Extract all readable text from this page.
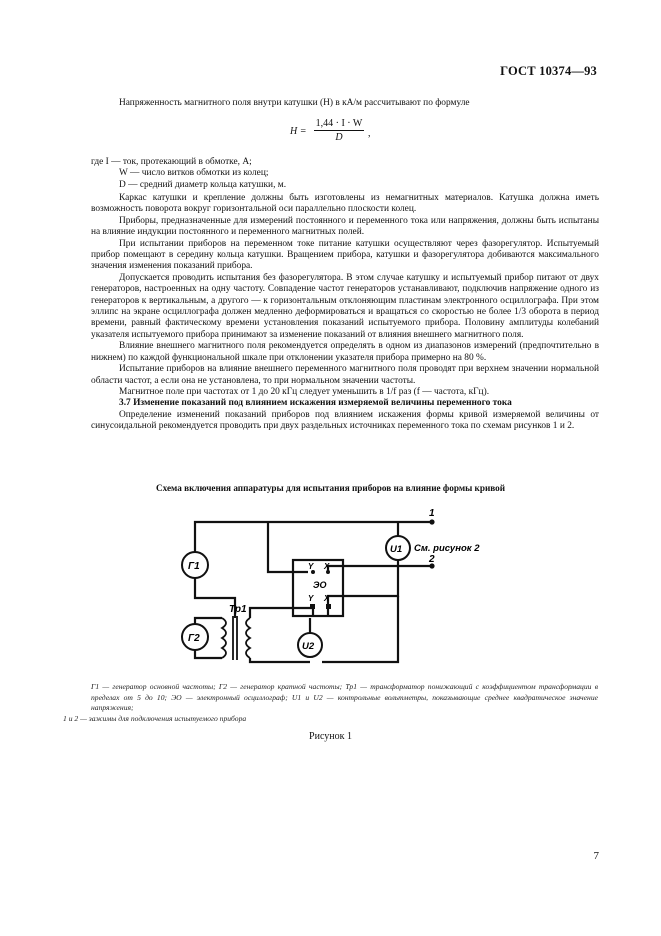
ГОСТ 10374—93

Напряженность магнитного поля внутри катушки (H) в кА/м рассчитывают по формуле

$H = \frac{1,44 \cdot I \cdot W}{D}$ ,

где I — ток, протекающий в обмотке, А;

W — число витков обмотки из колец;

D — средний диаметр кольца катушки, м.

Каркас катушки и крепление должны быть изготовлены из немагнитных материалов. Катушка должна иметь возможность поворота вокруг горизонтальной оси параллельно плоскости колец.

Приборы, предназначенные для измерений постоянного и переменного тока или напряжения, должны быть испытаны на влияние индукции постоянного и переменного магнитных полей.

При испытании приборов на переменном токе питание катушки осуществляют через фазорегулятор. Испытуемый прибор помещают в середину кольца катушки. Вращением прибора, катушки и фазорегулятора добиваются максимального значения изменения показаний прибора.

Допускается проводить испытания без фазорегулятора. В этом случае катушку и испытуемый прибор питают от двух генераторов, настроенных на одну частоту. Совпадение частот генераторов устанавливают, подключив напряжение одного из генераторов к вертикальным, а другого — к горизонтальным отклоняющим пластинам электронного осциллографа. При этом эллипс на экране осциллографа должен медленно деформироваться и вращаться со скоростью не более 1/3 оборота в период времени, равный фактическому времени установления показаний испытуемого прибора. Половину амплитуды колебаний указателя испытуемого прибора принимают за изменение показаний от влияния внешнего магнитного поля.

Влияние внешнего магнитного поля рекомендуется определять в одном из диапазонов измерений (предпочтительно в нижнем) по каждой функциональной шкале при отклонении указателя прибора примерно на 80 %.

Испытание приборов на влияние внешнего переменного магнитного поля проводят при верхнем значении нормальной области частот, а если она не установлена, то при нормальном значении частоты.

Магнитное поле при частотах от 1 до 20 кГц следует уменьшить в 1/f раз (f — частота, кГц).

3.7 Изменение показаний под влиянием искажения измеряемой величины переменного тока

Определение изменений показаний приборов под влиянием искажения формы кривой измеряемой величины от синусоидальной рекомендуется проводить при двух раздельных источниках переменного тока по схемам рисунков 1 и 2.

Схема включения аппаратуры для испытания приборов на влияние формы кривой
Г1
Г2
Тр1
ЭО
U1
U2
Y X
Y X
1
2
См. рисунок 2
Г1 — генератор основной частоты; Г2 — генератор кратной частоты; Тр1 — трансформатор понижающий с коэффициентом трансформации в пределах от 5 до 10; ЭО — электронный осциллограф; U1 и U2 — контрольные вольтметры, показывающие среднее квадратическое значение напряжения;
1 и 2 — зажимы для подключения испытуемого прибора
Рисунок 1
7
